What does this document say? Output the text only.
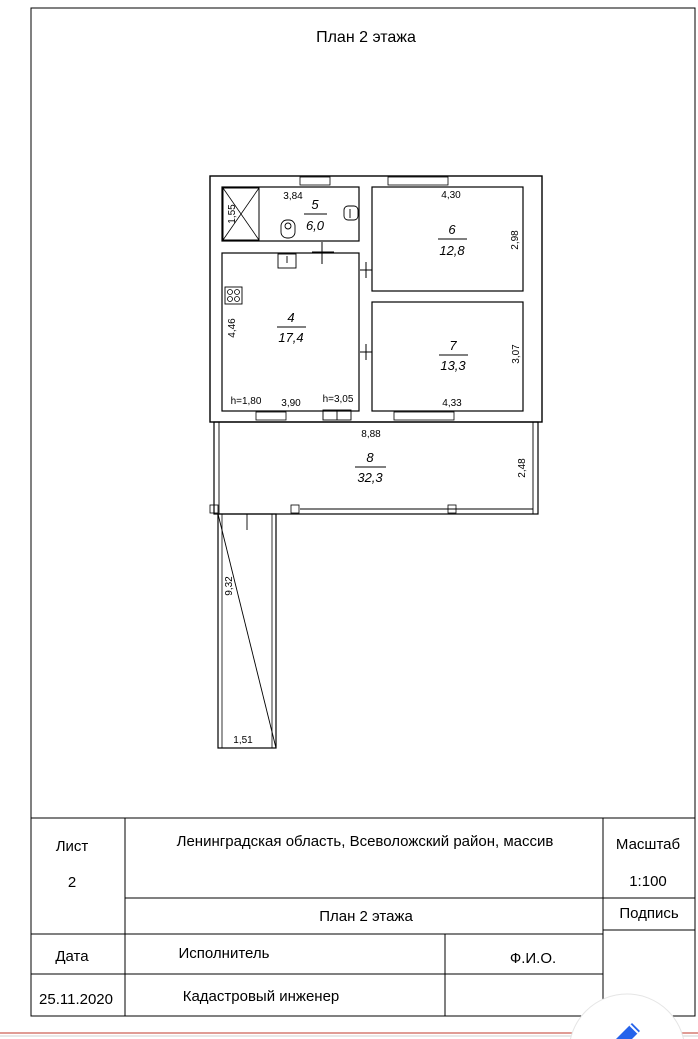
План 2 этажа
5
6,0	6
12,8
4
17,4
7
13,3
8
32,3
3,84
1,55
4,30
2,98
4,46
h=1,80 3,90 h=3,05	4,33
3,07
8,88
2,48
9,32
1,51
Лист
2
Ленинградская область, Всеволожский район, массив	Масштаб
1:100
План 2 этажа	Подпись
Дата	Исполнитель	Ф.И.О.
25.11.2020	Кадастровый инженер
